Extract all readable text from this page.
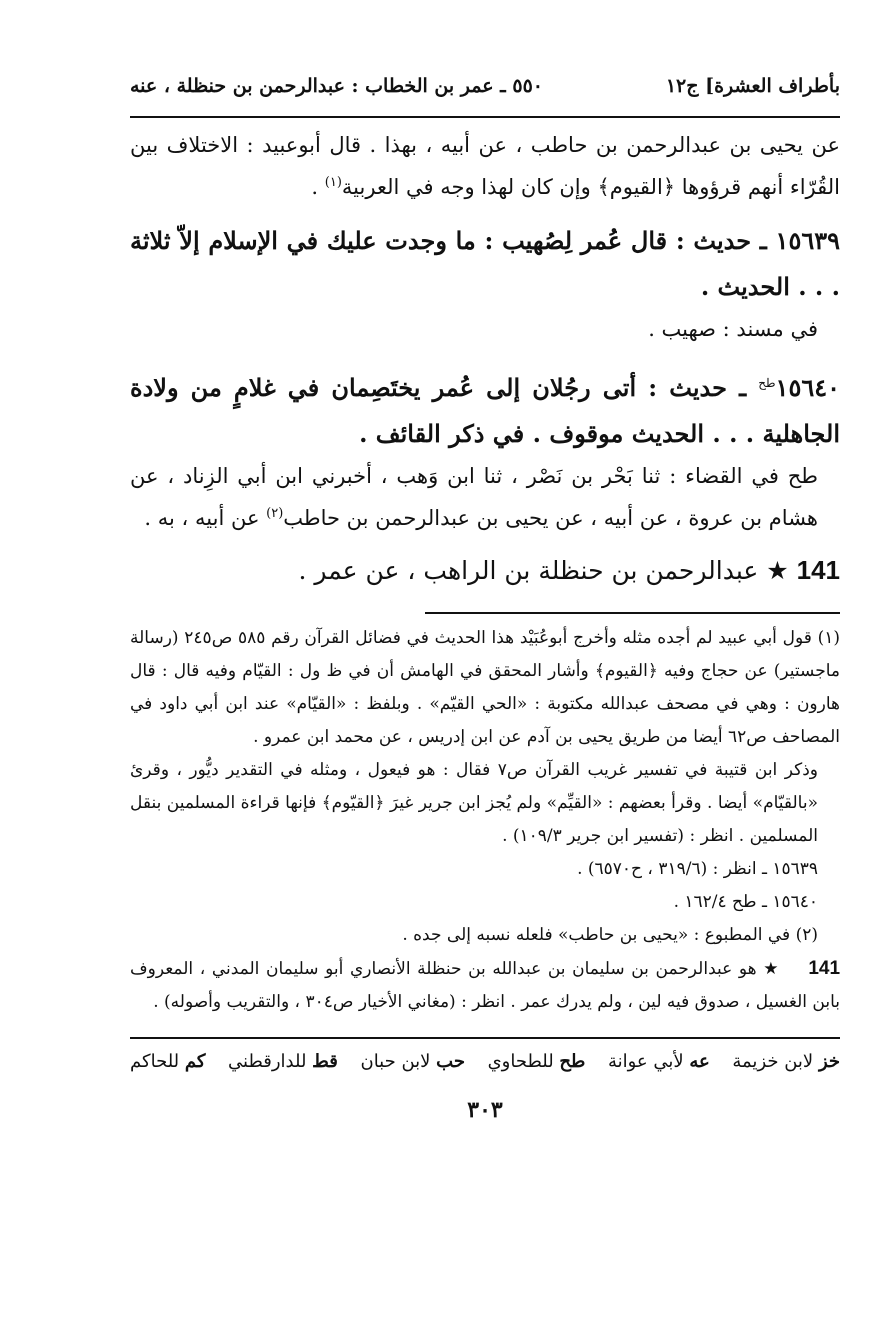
بأطراف العشرة] ج١٢
٥٥٠ ـ عمر بن الخطاب : عبدالرحمن بن حنظلة ، عنه

عن يحيى بن عبدالرحمن بن حاطب ، عن أبيه ، بهذا . قال أبوعبيد : الاختلاف بين القُرّاء أنهم قرؤوها ﴿القيوم﴾ وإن كان لهذا وجه في العربية$^{(١)}$ .

١٥٦٣٩ ـ حديث : قال عُمر لِصُهيب : ما وجدت عليك في الإسلام إلاّ ثلاثة . . . الحديث .

في مسند : صهيب .

$١٥٦٤٠^{طح}$ ـ حديث : أتى رجُلان إلى عُمر يختَصِمان في غلامٍ من ولادة الجاهلية . . . الحديث موقوف . في ذكر القائف .

طح في القضاء : ثنا بَحْر بن نَصْر ، ثنا ابن وَهب ، أخبرني ابن أبي الزِناد ، عن هشام بن عروة ، عن أبيه ، عن يحيى بن عبدالرحمن بن حاطب$^{(٢)}$ عن أبيه ، به .

141 ★ عبدالرحمن بن حنظلة بن الراهب ، عن عمر .

(١) قول أبي عبيد لم أجده مثله وأخرج أبوعُبَيْد هذا الحديث في فضائل القرآن رقم ٥٨٥ ص٢٤٥ (رسالة ماجستير) عن حجاج وفيه ﴿القيوم﴾ وأشار المحقق في الهامش أن في ظ ول : القيّام وفيه قال : قال هارون : وهي في مصحف عبدالله مكتوبة : «الحي القيّم» . وبلفظ : «القيّام» عند ابن أبي داود في المصاحف ص٦٢ أيضا من طريق يحيى بن آدم عن ابن إدريس ، عن محمد ابن عمرو .

وذكر ابن قتيبة في تفسير غريب القرآن ص٧ فقال : هو فيعول ، ومثله في التقدير ديُّور ، وقرئ «بالقيّام» أيضا . وقرأ بعضهم : «القيِّم» ولم يُجز ابن جرير غيرَ ﴿القيّوم﴾ فإنها قراءة المسلمين بنقل المسلمين . انظر : (تفسير ابن جرير ١٠٩/٣) .

١٥٦٣٩ ـ انظر : (٣١٩/٦ ، ح٦٥٧٠) .

١٥٦٤٠ ـ طح ١٦٢/٤ .

(٢) في المطبوع : «يحيى بن حاطب» فلعله نسبه إلى جده .

141 ★ هو عبدالرحمن بن سليمان بن عبدالله بن حنظلة الأنصاري أبو سليمان المدني ، المعروف بابن الغسيل ، صدوق فيه لين ، ولم يدرك عمر . انظر : (مغاني الأخيار ص٣٠٤ ، والتقريب وأصوله) .

خز لابن خزيمة
عه لأبي عوانة
طح للطحاوي
حب لابن حبان
قط للدارقطني
كم للحاكم
٣٠٣
